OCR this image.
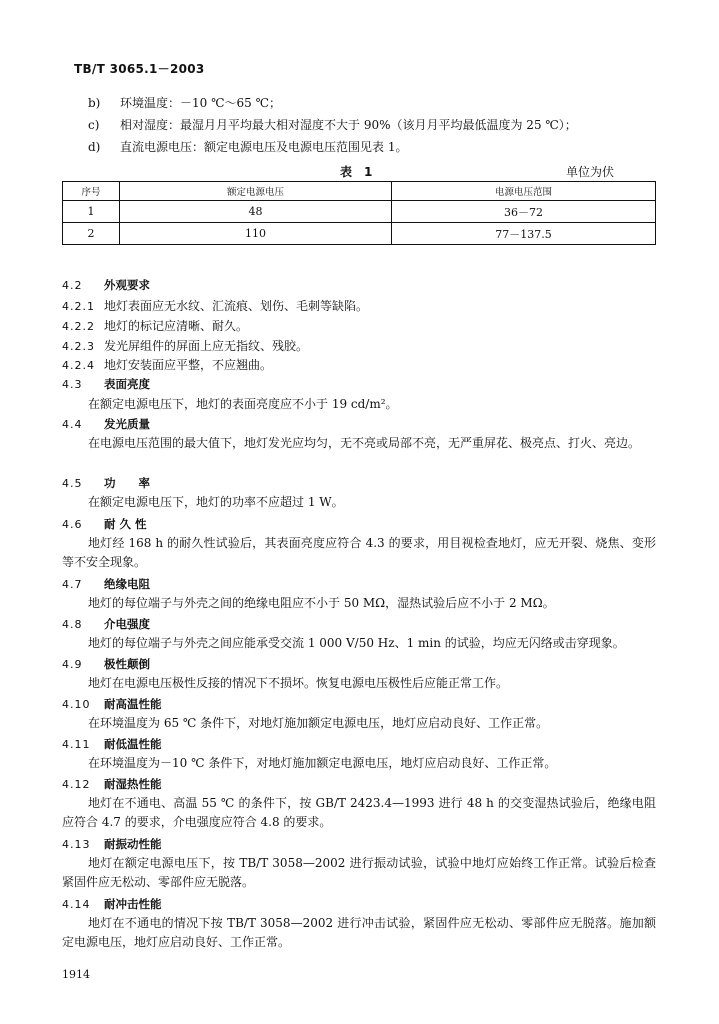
TB/T 3065.1－2003
b) 环境温度：－10 ℃～65 ℃；
c) 相对湿度：最湿月月平均最大相对湿度不大于 90%（该月月平均最低温度为 25 ℃）；
d) 直流电源电压：额定电源电压及电源电压范围见表 1。
表　1	单位为伏
序号	额定电源电压	电源电压范围
1	48	36－72
2	110	77－137.5
4.2 外观要求
4.2.1 地灯表面应无水纹、汇流痕、划伤、毛刺等缺陷。
4.2.2 地灯的标记应清晰、耐久。
4.2.3 发光屏组件的屏面上应无指纹、残胶。
4.2.4 地灯安装面应平整，不应翘曲。
4.3 表面亮度
在额定电源电压下，地灯的表面亮度应不小于 19 cd/m²。
4.4 发光质量
在电源电压范围的最大值下，地灯发光应均匀，无不亮或局部不亮，无严重屏花、极亮点、打火、亮边。
4.5 功　　率
在额定电源电压下，地灯的功率不应超过 1 W。
4.6 耐 久 性
地灯经 168 h 的耐久性试验后，其表面亮度应符合 4.3 的要求，用目视检查地灯，应无开裂、烧焦、变形等不安全现象。
4.7 绝缘电阻
地灯的每位端子与外壳之间的绝缘电阻应不小于 50 MΩ，湿热试验后应不小于 2 MΩ。
4.8 介电强度
地灯的每位端子与外壳之间应能承受交流 1 000 V/50 Hz、1 min 的试验，均应无闪络或击穿现象。
4.9 极性颠倒
地灯在电源电压极性反接的情况下不损坏。恢复电源电压极性后应能正常工作。
4.10 耐高温性能
在环境温度为 65 ℃ 条件下，对地灯施加额定电源电压，地灯应启动良好、工作正常。
4.11 耐低温性能
在环境温度为－10 ℃ 条件下，对地灯施加额定电源电压，地灯应启动良好、工作正常。
4.12 耐湿热性能
地灯在不通电、高温 55 ℃ 的条件下，按 GB/T 2423.4—1993 进行 48 h 的交变湿热试验后，绝缘电阻应符合 4.7 的要求，介电强度应符合 4.8 的要求。
4.13 耐振动性能
地灯在额定电源电压下，按 TB/T 3058—2002 进行振动试验，试验中地灯应始终工作正常。试验后检查紧固件应无松动、零部件应无脱落。
4.14 耐冲击性能
地灯在不通电的情况下按 TB/T 3058—2002 进行冲击试验，紧固件应无松动、零部件应无脱落。施加额定电源电压，地灯应启动良好、工作正常。
1914
